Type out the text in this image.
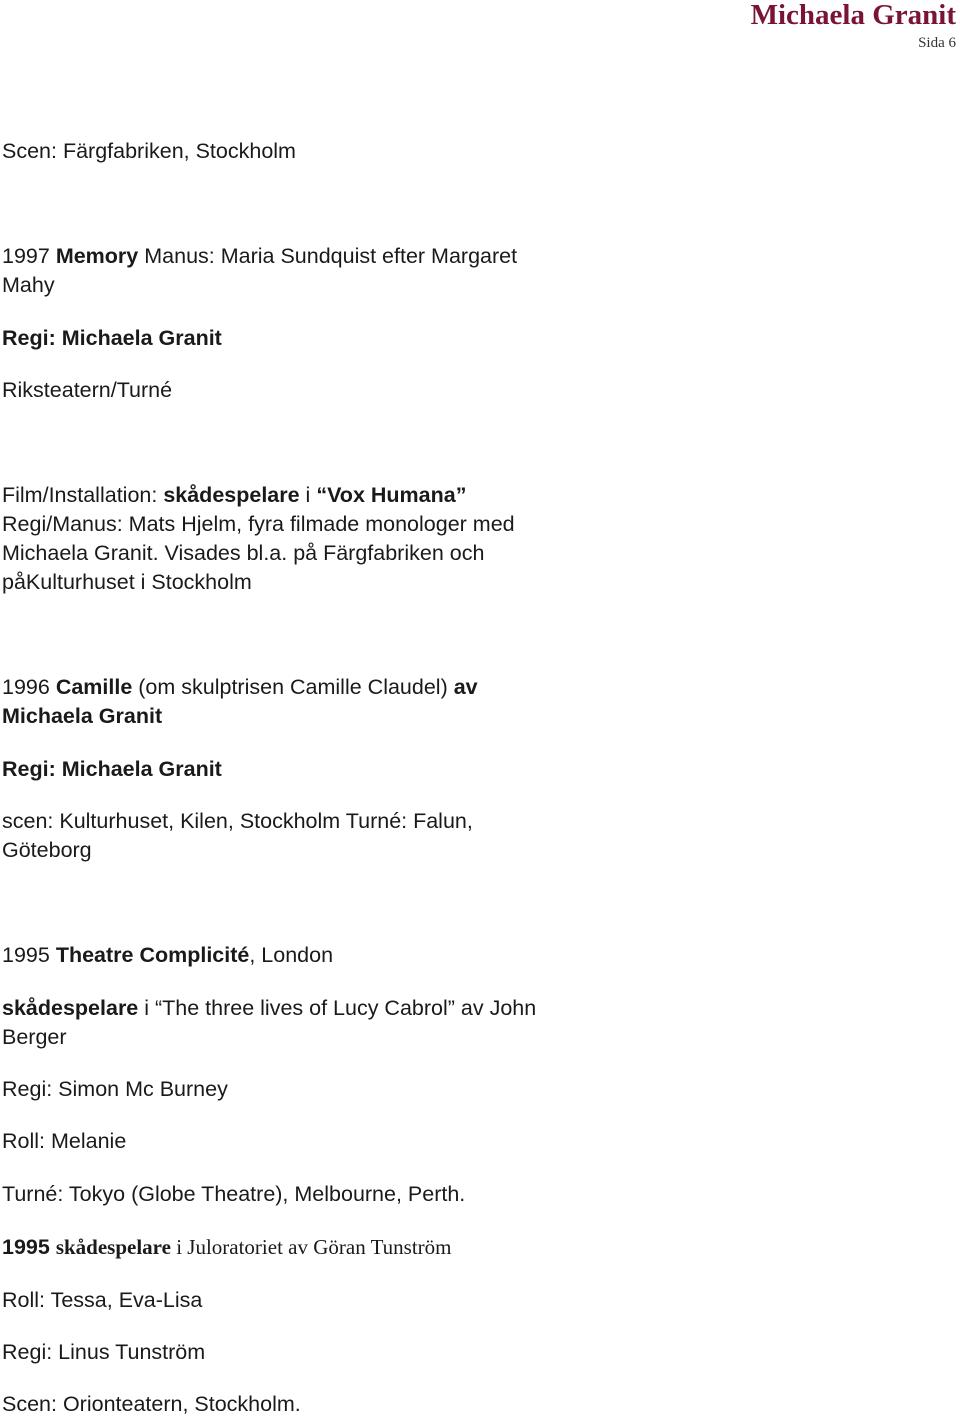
Michaela Granit
Sida 6
Scen: Färgfabriken, Stockholm
1997 Memory Manus: Maria Sundquist efter Margaret
Mahy
Regi: Michaela Granit
Riksteatern/Turné
Film/Installation: skådespelare i “Vox Humana”
Regi/Manus: Mats Hjelm, fyra filmade monologer med
Michaela Granit. Visades bl.a. på Färgfabriken och
påKulturhuset i Stockholm
1996 Camille (om skulptrisen Camille Claudel) av
Michaela Granit
Regi: Michaela Granit
scen: Kulturhuset, Kilen, Stockholm Turné: Falun,
Göteborg
1995 Theatre Complicité, London
skådespelare i “The three lives of Lucy Cabrol” av John
Berger
Regi: Simon Mc Burney
Roll: Melanie
Turné: Tokyo (Globe Theatre), Melbourne, Perth.
1995 skådespelare i Juloratoriet av Göran Tunström
Roll: Tessa, Eva-Lisa
Regi: Linus Tunström
Scen: Orionteatern, Stockholm.
